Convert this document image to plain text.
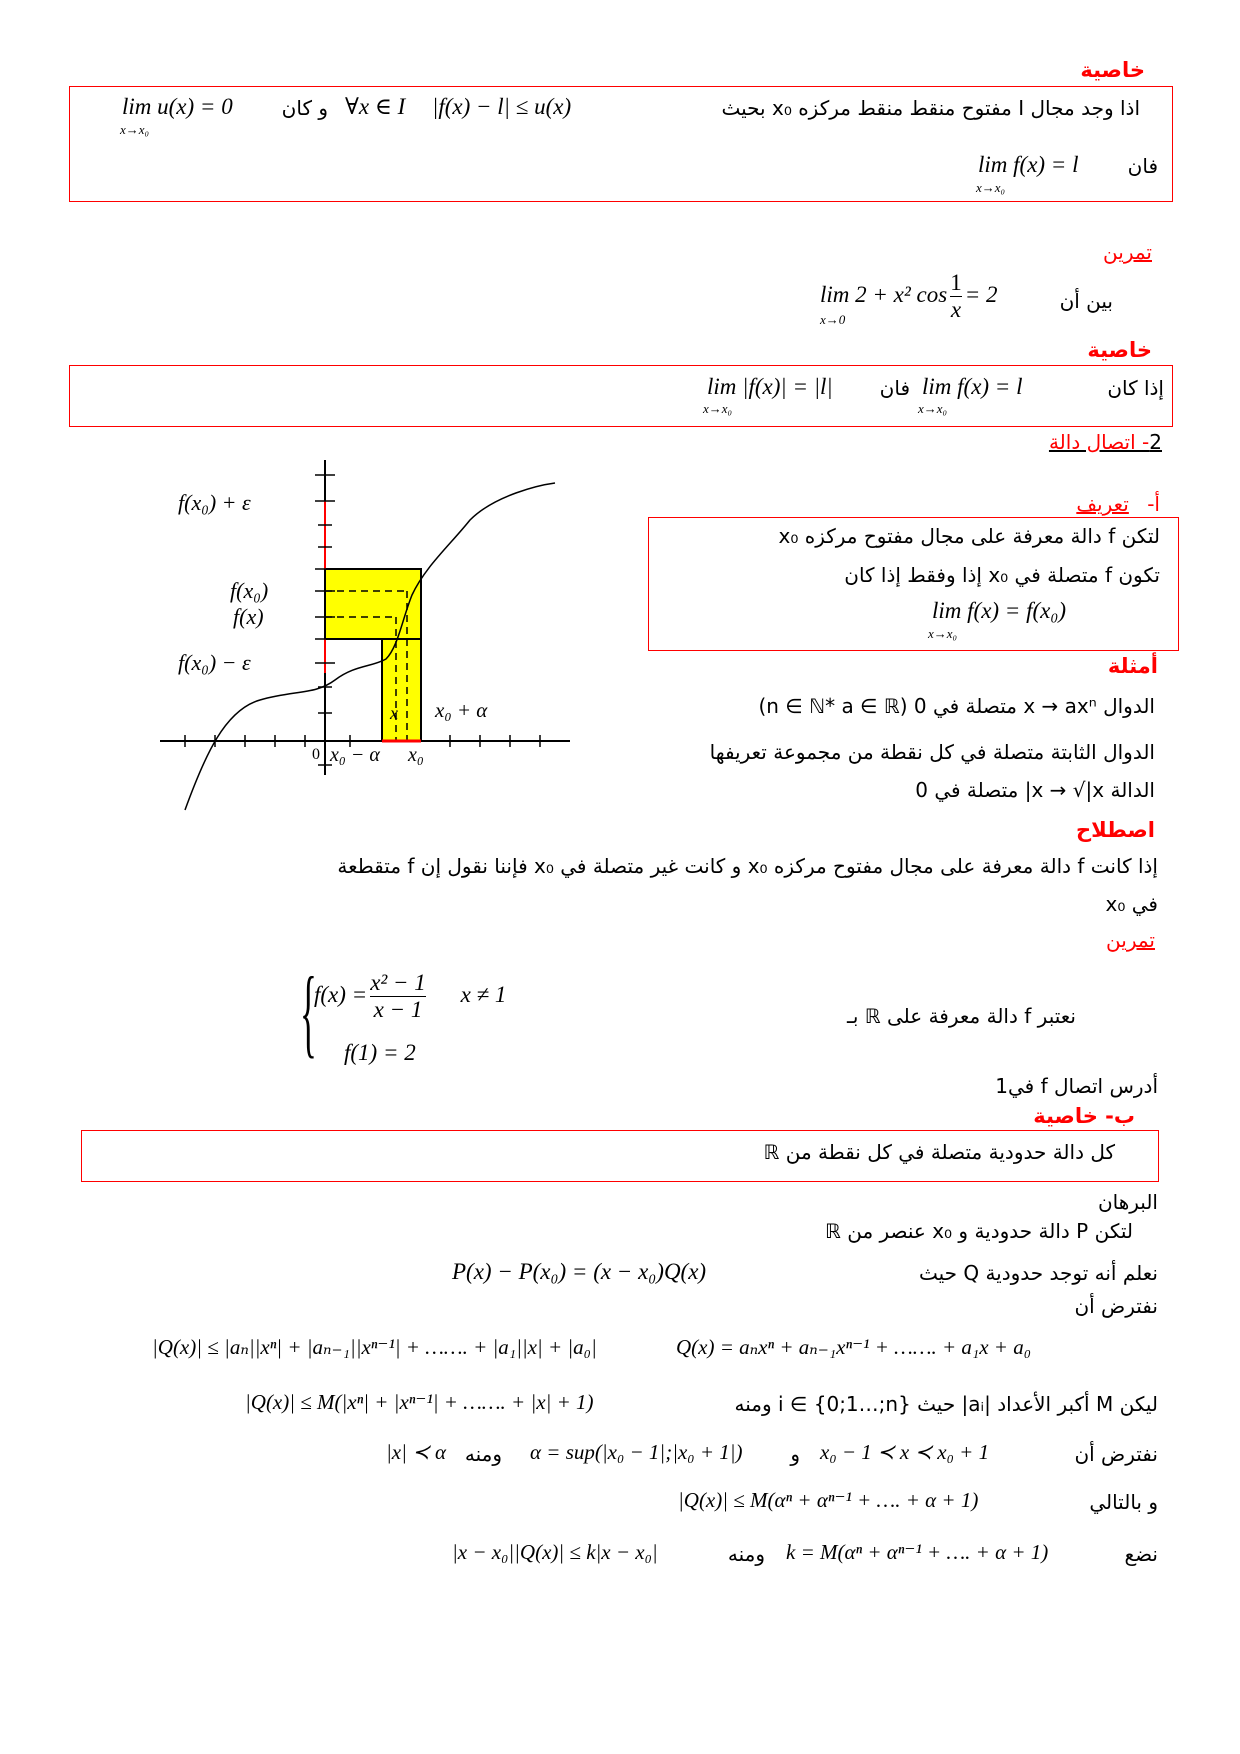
خاصية
اذا وجد مجال I مفتوح منقط منقط مركزه x₀ بحيث
|f(x) − l| ≤ u(x)
∀x ∈ I
و كان
lim u(x) = 0
x→x₀
فان
lim f(x) = l
x→x₀
تمرين
بين أن
lim 2 + x² $\cos \frac{1}{x} = 2$
x→0
خاصية
إذا كان
lim f(x) = l
x→x₀
فان
lim |f(x)| = |l|
x→x₀
2- اتصال دالة
f(x₀) + ε
f(x₀)
f(x)
f(x₀) − ε
0
x
x₀ − α x₀
x₀ + α
أ- تعريف
لتكن f دالة معرفة على مجال مفتوح مركزه x₀
تكون f متصلة في x₀ إذا وفقط إذا كان
lim f(x) = f(x₀)
x→x₀
أمثلة
الدوال x → axⁿ متصلة في 0 (n ∈ ℕ* a ∈ ℝ)
الدوال الثابتة متصلة في كل نقطة من مجموعة تعريفها
الدالة x → √|x| متصلة في 0
اصطلاح
إذا كانت f دالة معرفة على مجال مفتوح مركزه x₀ و كانت غير متصلة في x₀ فإننا نقول إن f متقطعة
في x₀
تمرين
نعتبر f دالة معرفة على ℝ بـ
{
$f(x) = \frac{\text{x² − 1}}{x - 1}$ x ≠ 1
f(1) = 2
أدرس اتصال f في1
ب- خاصية
كل دالة حدودية متصلة في كل نقطة من ℝ
البرهان
لتكن P دالة حدودية و x₀ عنصر من ℝ
نعلم أنه توجد حدودية Q حيث
P(x) − P(x₀) = (x − x₀)Q(x)
نفترض أن
|Q(x)| ≤ |aₙ||xⁿ| + |aₙ₋₁||xⁿ⁻¹| + ……. + |a₁||x| + |a₀|	Q(x) = aₙxⁿ + aₙ₋₁xⁿ⁻¹ + ……. + a₁x + a₀
ليكن M أكبر الأعداد |aᵢ| حيث i ∈ {0;1…;n} ومنه
|Q(x)| ≤ M(|xⁿ| + |xⁿ⁻¹| + ……. + |x| + 1)
نفترض أن
x₀ − 1 ≺ x ≺ x₀ + 1
و
α = sup(|x₀ − 1|;|x₀ + 1|)
ومنه
|x| ≺ α
و بالتالي
|Q(x)| ≤ M(αⁿ + αⁿ⁻¹ + …. + α + 1)
نضع
k = M(αⁿ + αⁿ⁻¹ + …. + α + 1)
ومنه
|x − x₀||Q(x)| ≤ k|x − x₀|
